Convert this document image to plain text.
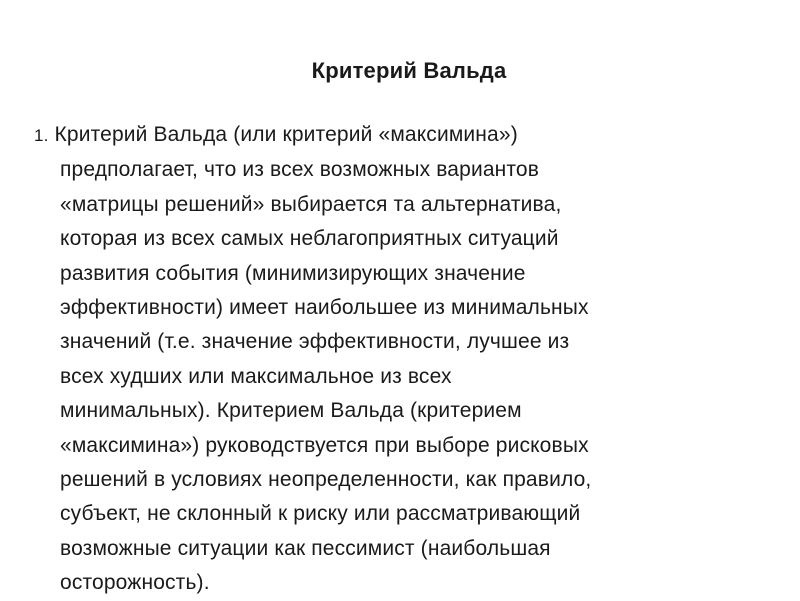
Критерий Вальда
1. Критерий Вальда (или критерий «максимина»)
предполагает, что из всех возможных вариантов
«матрицы решений» выбирается та альтернатива,
которая из всех самых неблагоприятных ситуаций
развития события (минимизирующих значение
эффективности) имеет наибольшее из минимальных
значений (т.е. значение эффективности, лучшее из
всех худших или максимальное из всех
минимальных). Критерием Вальда (критерием
«максимина») руководствуется при выборе рисковых
решений в условиях неопределенности, как правило,
субъект, не склонный к риску или рассматривающий
возможные ситуации как пессимист (наибольшая
осторожность).
